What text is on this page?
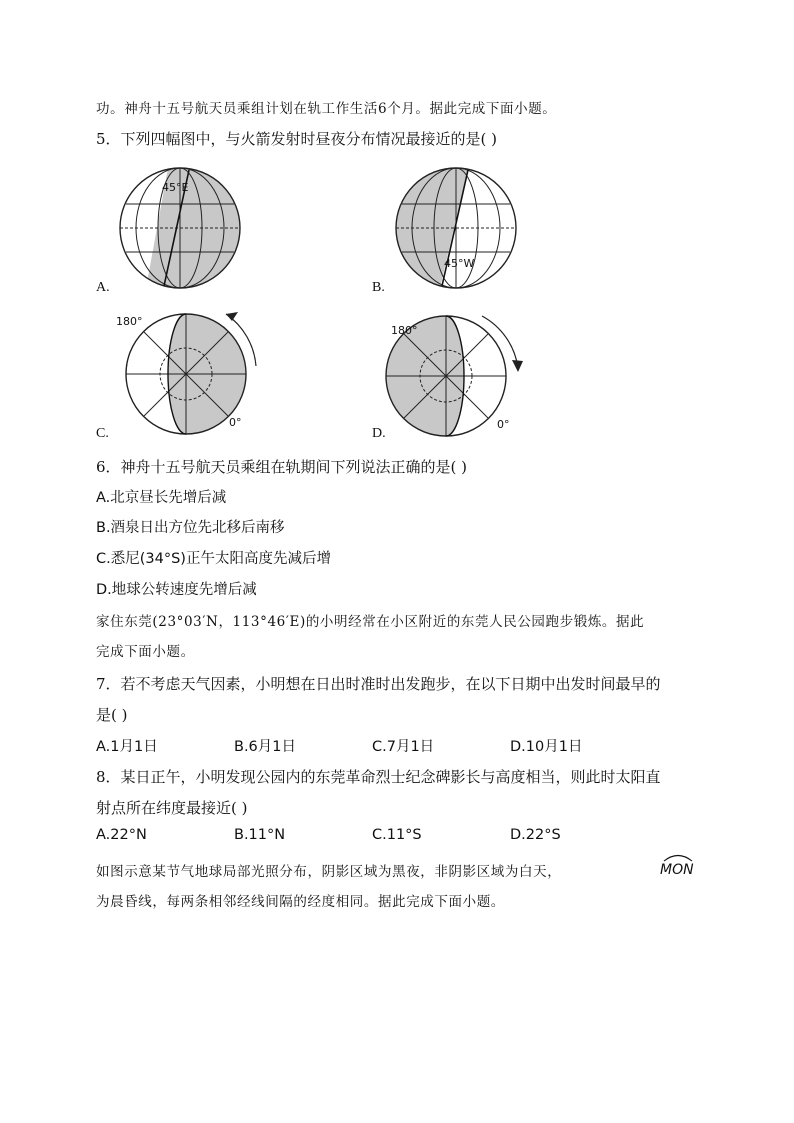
功。神舟十五号航天员乘组计划在轨工作生活6个月。据此完成下面小题。
5．下列四幅图中，与火箭发射时昼夜分布情况最接近的是( )
45°E
A.
45°W
B.
180°
0°
C.
180°
0°
D.
6．神舟十五号航天员乘组在轨期间下列说法正确的是( )
A.北京昼长先增后减
B.酒泉日出方位先北移后南移
C.悉尼(34°S)正午太阳高度先减后增
D.地球公转速度先增后减
家住东莞(23°03′N，113°46′E)的小明经常在小区附近的东莞人民公园跑步锻炼。据此
完成下面小题。
7．若不考虑天气因素，小明想在日出时准时出发跑步，在以下日期中出发时间最早的
是( )
A.1月1日	B.6月1日	C.7月1日	D.10月1日
8．某日正午，小明发现公园内的东莞革命烈士纪念碑影长与高度相当，则此时太阳直
射点所在纬度最接近( )
A.22°N	B.11°N	C.11°S	D.22°S
如图示意某节气地球局部光照分布，阴影区域为黑夜，非阴影区域为白天，	MON
为晨昏线，每两条相邻经线间隔的经度相同。据此完成下面小题。
